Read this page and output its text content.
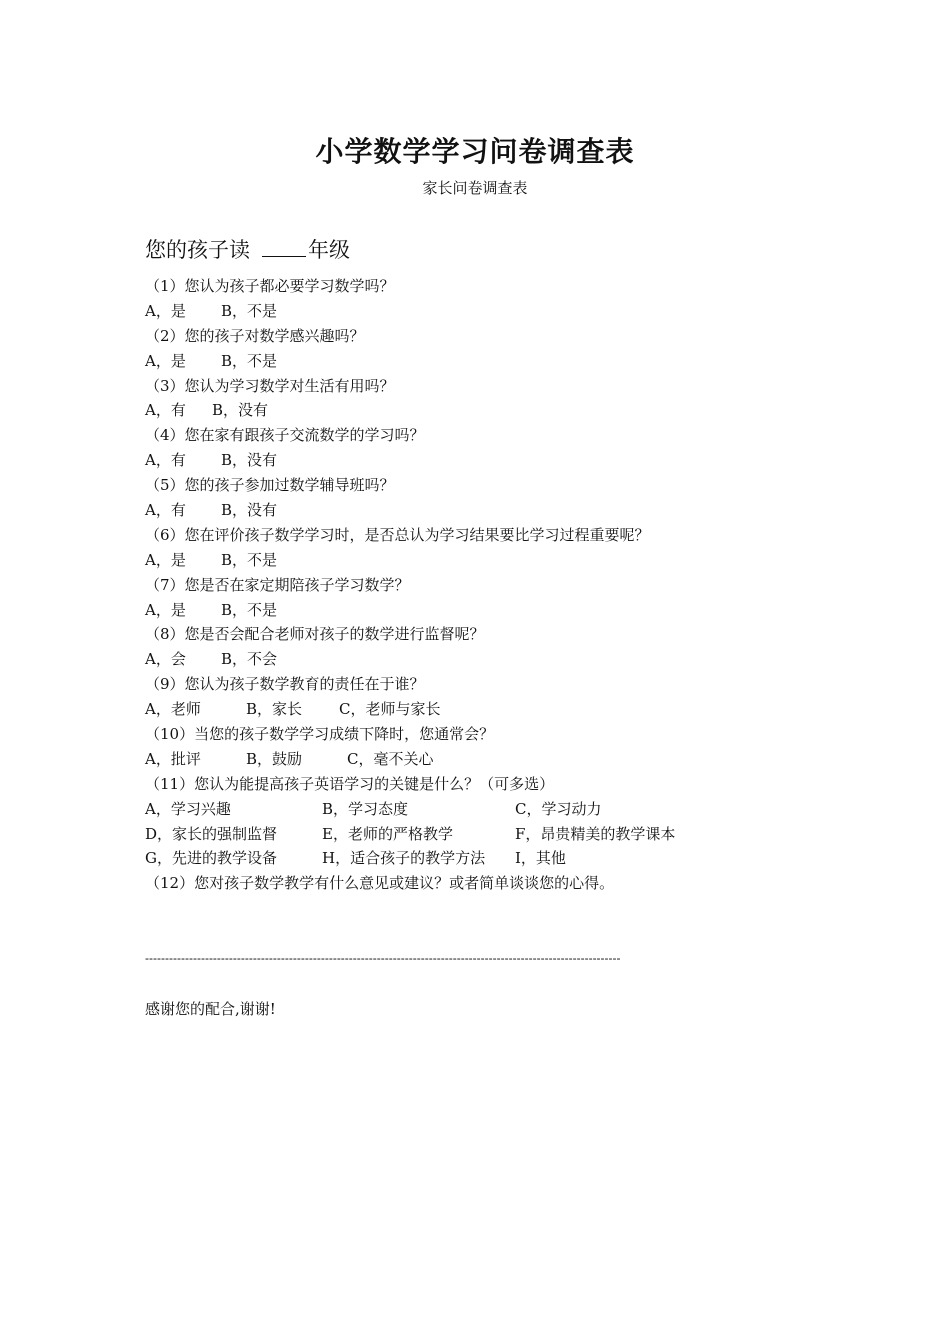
小学数学学习问卷调查表
家长问卷调查表
您的孩子读	年级
（1）您认为孩子都必要学习数学吗？
A，是 B，不是
（2）您的孩子对数学感兴趣吗？
A，是 B，不是
（3）您认为学习数学对生活有用吗？
A，有 B，没有
（4）您在家有跟孩子交流数学的学习吗？
A，有 B，没有
（5）您的孩子参加过数学辅导班吗？
A，有 B，没有
（6）您在评价孩子数学学习时，是否总认为学习结果要比学习过程重要呢？
A，是 B，不是
（7）您是否在家定期陪孩子学习数学？
A，是 B，不是
（8）您是否会配合老师对孩子的数学进行监督呢？
A，会 B，不会
（9）您认为孩子数学教育的责任在于谁？
A，老师	B，家长 C，老师与家长
（10）当您的孩子数学学习成绩下降时，您通常会？
A，批评	B，鼓励	C，毫不关心
（11）您认为能提高孩子英语学习的关键是什么？（可多选）
A，学习兴趣	B，学习态度	C，学习动力
D，家长的强制监督	E，老师的严格教学	F，昂贵精美的教学课本
G，先进的教学设备	H，适合孩子的教学方法 I，其他
（12）您对孩子数学教学有什么意见或建议？或者简单谈谈您的心得。
-----------------------------------------------------------------------------------------------------------------------
感谢您的配合,谢谢!
